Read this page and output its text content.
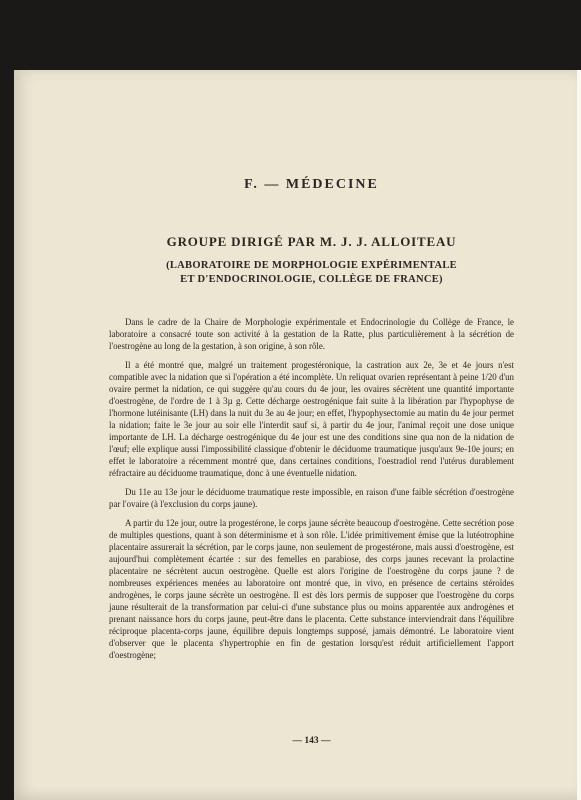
F. — MÉDECINE
GROUPE DIRIGÉ PAR M. J. J. ALLOITEAU
(LABORATOIRE DE MORPHOLOGIE EXPÉRIMENTALE
ET D'ENDOCRINOLOGIE, COLLÈGE DE FRANCE)

Dans le cadre de la Chaire de Morphologie expérimentale et Endocrinologie du Collège de France, le laboratoire a consacré toute son activité à la gestation de la Ratte, plus particulièrement à la sécrétion de l'oestrogène au long de la gestation, à son origine, à son rôle.

Il a été montré que, malgré un traitement progestéronique, la castration aux 2e, 3e et 4e jours n'est compatible avec la nidation que si l'opération a été incomplète. Un reliquat ovarien représentant à peine 1/20 d'un ovaire permet la nidation, ce qui suggère qu'au cours du 4e jour, les ovaires sécrètent une quantité importante d'oestrogène, de l'ordre de 1 à 3µ g. Cette décharge oestrogénique fait suite à la libération par l'hypophyse de l'hormone lutéinisante (LH) dans la nuit du 3e au 4e jour; en effet, l'hypophysectomie au matin du 4e jour permet la nidation; faite le 3e jour au soir elle l'interdit sauf si, à partir du 4e jour, l'animal reçoit une dose unique importante de LH. La décharge oestrogénique du 4e jour est une des conditions sine qua non de la nidation de l'œuf; elle explique aussi l'impossibilité classique d'obtenir le déciduome traumatique jusqu'aux 9e-10e jours; en effet le laboratoire a récemment montré que, dans certaines conditions, l'oestradiol rend l'utérus durablement réfractaire au déciduome traumatique, donc à une éventuelle nidation.

Du 11e au 13e jour le déciduome traumatique reste impossible, en raison d'une faible sécrétion d'oestrogène par l'ovaire (à l'exclusion du corps jaune).

A partir du 12e jour, outre la progestérone, le corps jaune sécrète beaucoup d'oestrogène. Cette secrétion pose de multiples questions, quant à son déterminisme et à son rôle. L'idée primitivement émise que la lutéotrophine placentaire assurerait la sécrétion, par le corps jaune, non seulement de progestérone, mais aussi d'oestrogène, est aujourd'hui complètement écartée : sur des femelles en parabiose, des corps jaunes recevant la prolactine placentaire ne sécrètent aucun oestrogène. Quelle est alors l'origine de l'oestrogène du corps jaune ? de nombreuses expériences menées au laboratoire ont montré que, in vivo, en présence de certains stéroïdes androgènes, le corps jaune sécrète un oestrogène. Il est dès lors permis de supposer que l'oestrogène du corps jaune résulterait de la transformation par celui-ci d'une substance plus ou moins apparentée aux androgènes et prenant naissance hors du corps jaune, peut-être dans le placenta. Cette substance interviendrait dans l'équilibre réciproque placenta-corps jaune, équilibre depuis longtemps supposé, jamais démontré. Le laboratoire vient d'observer que le placenta s'hypertrophie en fin de gestation lorsqu'est réduit artificiellement l'apport d'oestrogène;

— 143 —
